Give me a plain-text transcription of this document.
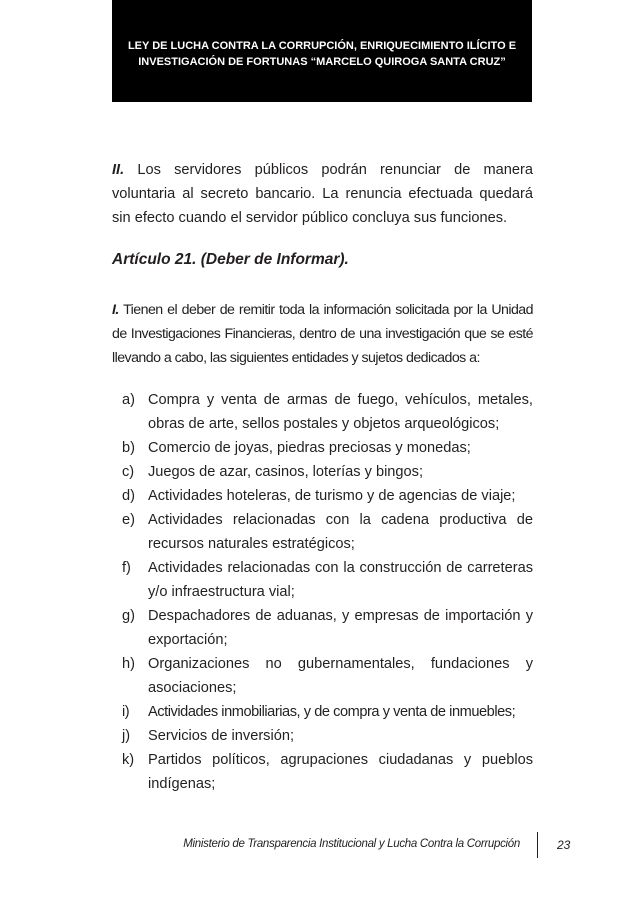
LEY DE LUCHA CONTRA LA CORRUPCIÓN, ENRIQUECIMIENTO ILÍCITO E
INVESTIGACIÓN DE FORTUNAS “MARCELO QUIROGA SANTA CRUZ”

II. Los servidores públicos podrán renunciar de manera voluntaria al secreto bancario. La renuncia efectuada quedará sin efecto cuando el servidor público concluya sus funciones.

Artículo 21. (Deber de Informar).

I. Tienen el deber de remitir toda la información solicitada por la Unidad de Investigaciones Financieras, dentro de una investigación que se esté llevando a cabo, las siguientes entidades y sujetos dedicados a:

a) Compra y venta de armas de fuego, vehículos, metales, obras de arte, sellos postales y objetos arqueológicos;
b) Comercio de joyas, piedras preciosas y monedas;
c) Juegos de azar, casinos, loterías y bingos;
d) Actividades hoteleras, de turismo y de agencias de viaje;
e) Actividades relacionadas con la cadena productiva de recursos naturales estratégicos;
f) Actividades relacionadas con la construcción de carreteras y/o infraestructura vial;
g) Despachadores de aduanas, y empresas de importación y exportación;
h) Organizaciones no gubernamentales, fundaciones y asociaciones;
i) Actividades inmobiliarias, y de compra y venta de inmuebles;
j) Servicios de inversión;
k) Partidos políticos, agrupaciones ciudadanas y pueblos indígenas;
Ministerio de Transparencia Institucional y Lucha Contra la Corrupción	23
